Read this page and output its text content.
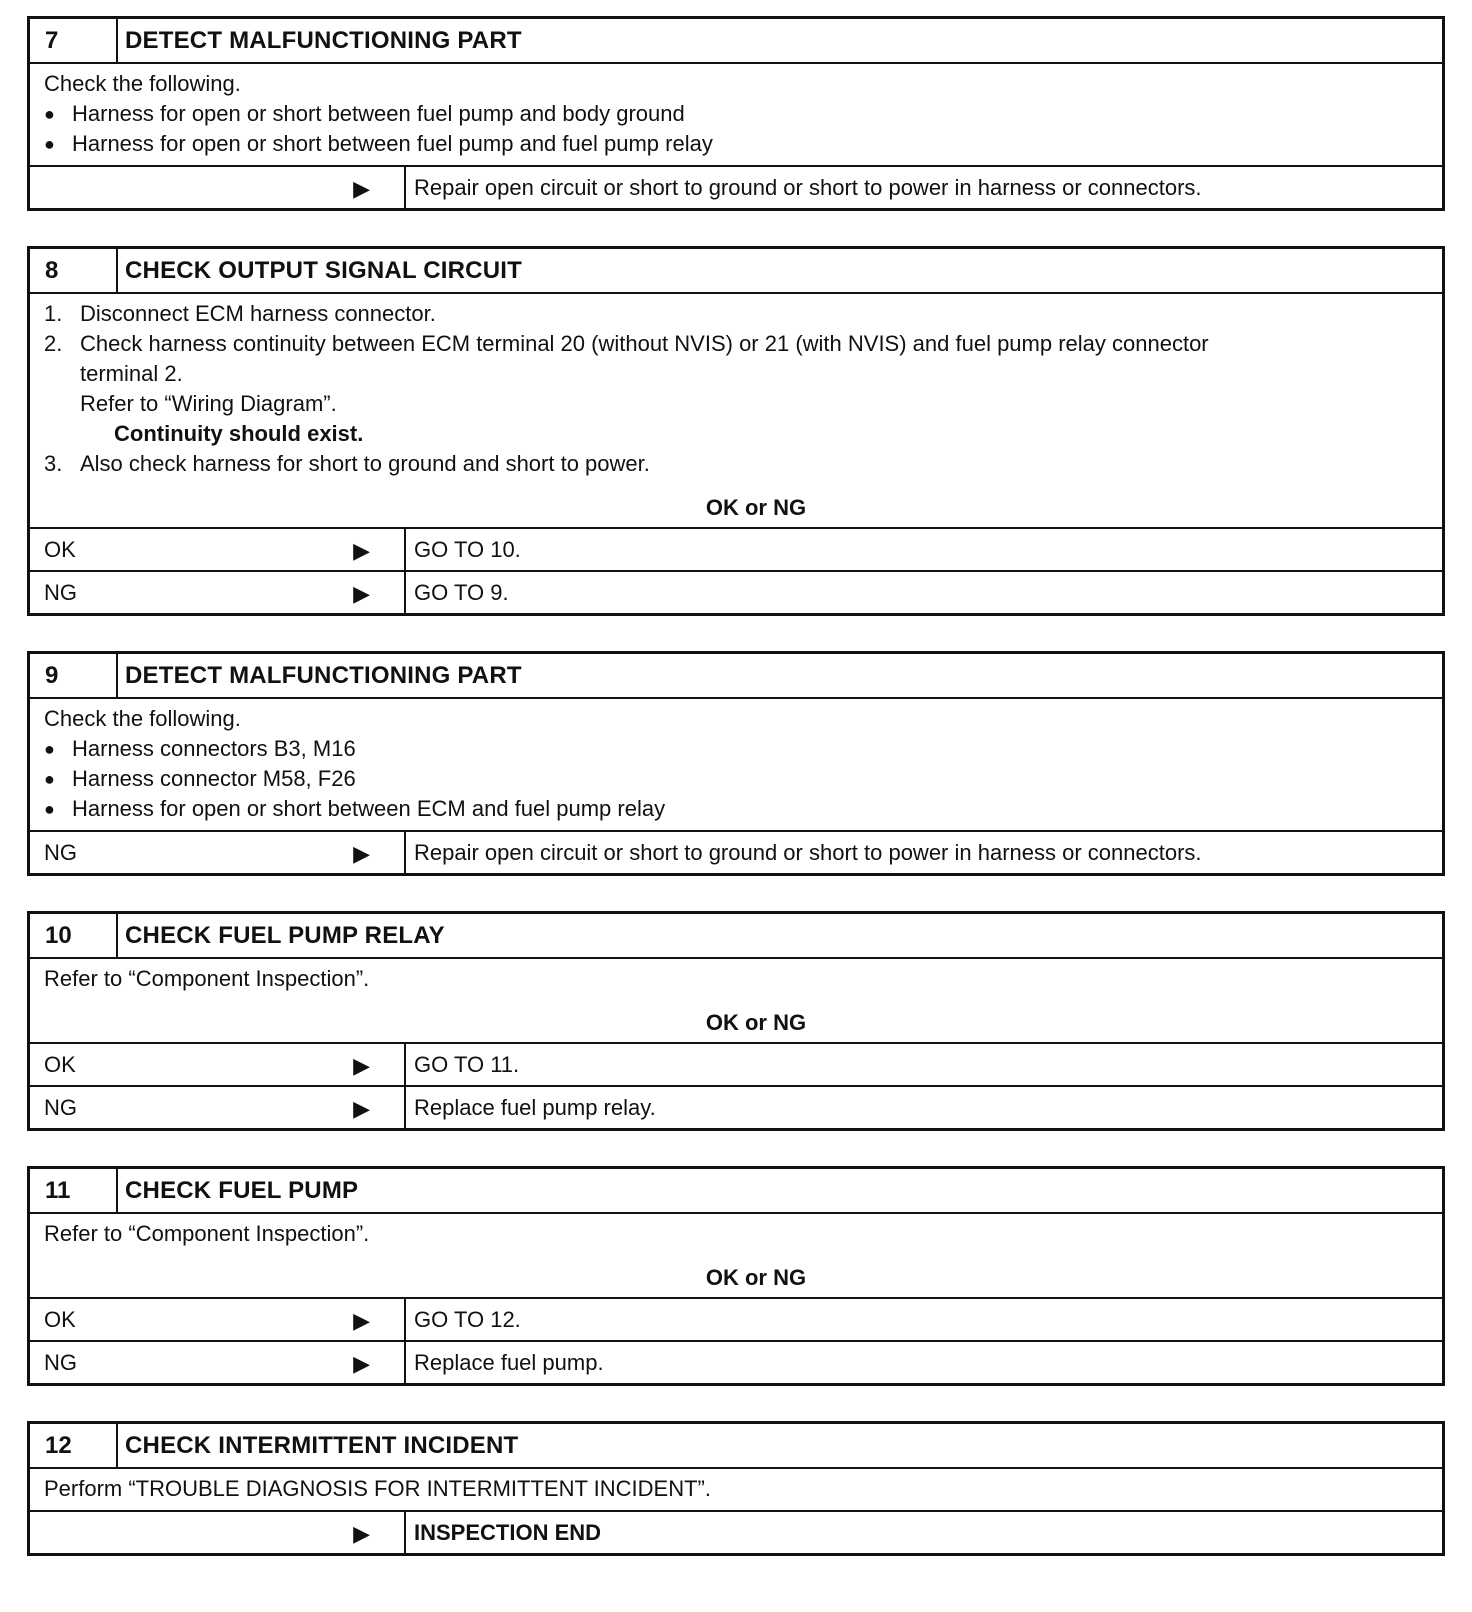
7	DETECT MALFUNCTIONING PART
Check the following.
● Harness for open or short between fuel pump and body ground
● Harness for open or short between fuel pump and fuel pump relay
▶	Repair open circuit or short to ground or short to power in harness or connectors.
8	CHECK OUTPUT SIGNAL CIRCUIT
1. Disconnect ECM harness connector.
2. Check harness continuity between ECM terminal 20 (without NVIS) or 21 (with NVIS) and fuel pump relay connector
terminal 2.
Refer to “Wiring Diagram”.
Continuity should exist.
3. Also check harness for short to ground and short to power.
OK or NG
OK	▶	GO TO 10.
NG	▶	GO TO 9.
9	DETECT MALFUNCTIONING PART
Check the following.
● Harness connectors B3, M16
● Harness connector M58, F26
● Harness for open or short between ECM and fuel pump relay
NG	▶	Repair open circuit or short to ground or short to power in harness or connectors.
10	CHECK FUEL PUMP RELAY
Refer to “Component Inspection”.
OK or NG
OK	▶	GO TO 11.
NG	▶	Replace fuel pump relay.
11	CHECK FUEL PUMP
Refer to “Component Inspection”.
OK or NG
OK	▶	GO TO 12.
NG	▶	Replace fuel pump.
12	CHECK INTERMITTENT INCIDENT
Perform “TROUBLE DIAGNOSIS FOR INTERMITTENT INCIDENT”.
▶	INSPECTION END
